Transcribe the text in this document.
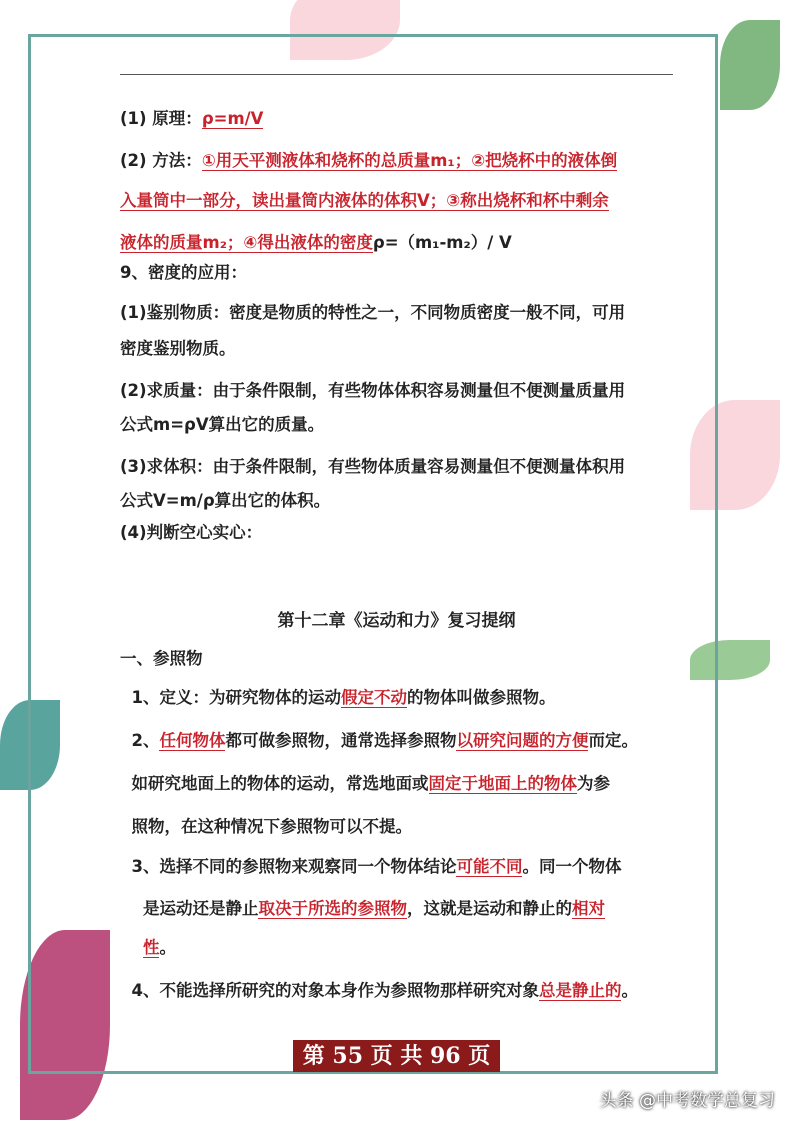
(1) 原理：ρ=m/V
(2) 方法：①用天平测液体和烧杯的总质量m₁；②把烧杯中的液体倒
入量筒中一部分，读出量筒内液体的体积V；③称出烧杯和杯中剩余
液体的质量m₂；④得出液体的密度ρ=（m₁-m₂）/ V
9、密度的应用：
(1)鉴别物质：密度是物质的特性之一，不同物质密度一般不同，可用
密度鉴别物质。
(2)求质量：由于条件限制，有些物体体积容易测量但不便测量质量用
公式m=ρV算出它的质量。
(3)求体积：由于条件限制，有些物体质量容易测量但不便测量体积用
公式V=m/ρ算出它的体积。
(4)判断空心实心：
一、参照物
1、定义：为研究物体的运动假定不动的物体叫做参照物。
2、任何物体都可做参照物，通常选择参照物以研究问题的方便而定。
如研究地面上的物体的运动，常选地面或固定于地面上的物体为参
照物，在这种情况下参照物可以不提。
3、选择不同的参照物来观察同一个物体结论可能不同。同一个物体
是运动还是静止取决于所选的参照物，这就是运动和静止的相对
性。
4、不能选择所研究的对象本身作为参照物那样研究对象总是静止的。
第十二章《运动和力》复习提纲
第 55 页 共 96 页
头条 @中考数学总复习
